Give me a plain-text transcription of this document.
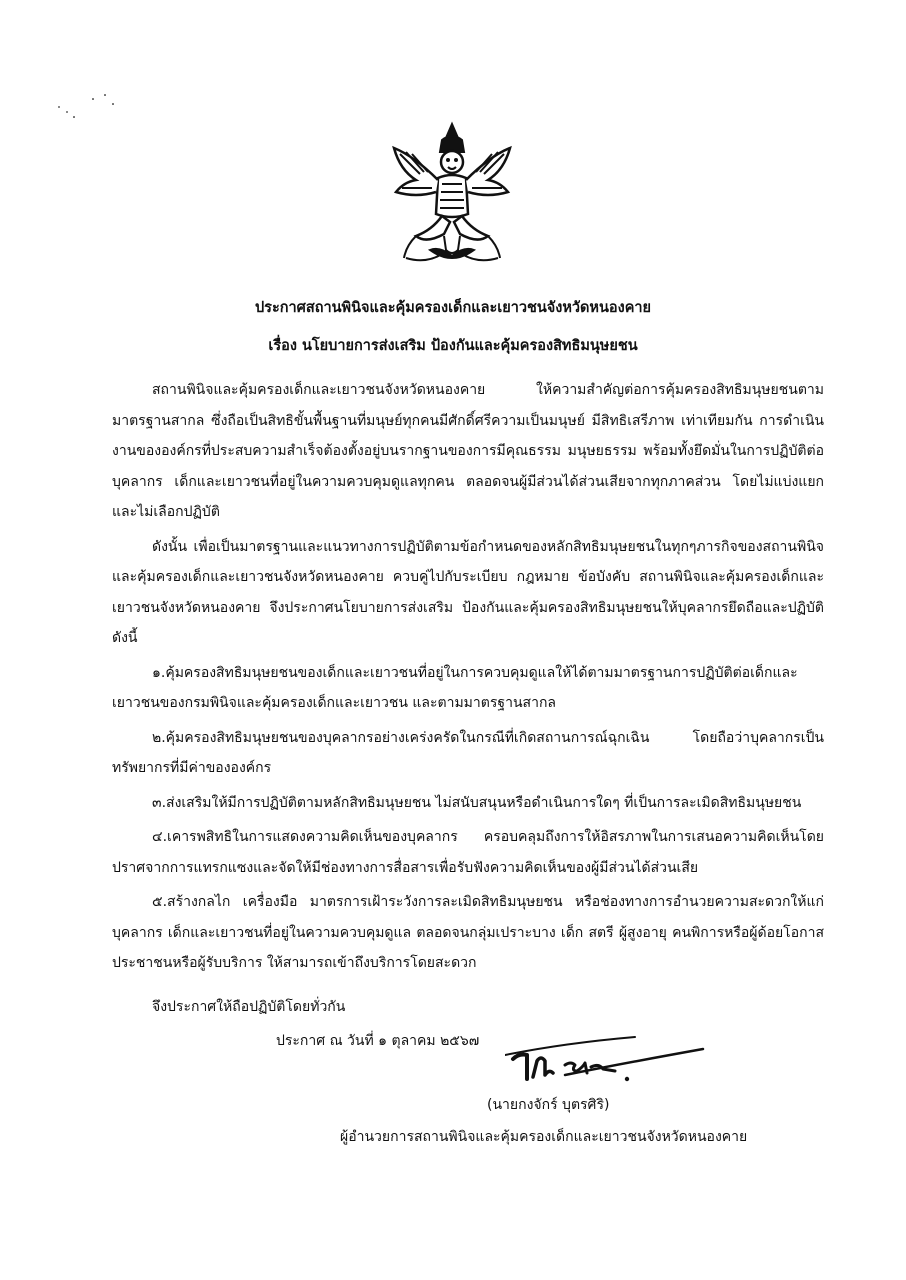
ประกาศสถานพินิจและคุ้มครองเด็กและเยาวชนจังหวัดหนองคาย
เรื่อง นโยบายการส่งเสริม ป้องกันและคุ้มครองสิทธิมนุษยชน

สถานพินิจและคุ้มครองเด็กและเยาวชนจังหวัดหนองคาย ให้ความสำคัญต่อการคุ้มครองสิทธิมนุษยชนตามมาตรฐานสากล ซึ่งถือเป็นสิทธิขั้นพื้นฐานที่มนุษย์ทุกคนมีศักดิ์ศรีความเป็นมนุษย์ มีสิทธิเสรีภาพ เท่าเทียมกัน การดำเนินงานขององค์กรที่ประสบความสำเร็จต้องตั้งอยู่บนรากฐานของการมีคุณธรรม มนุษยธรรม พร้อมทั้งยึดมั่นในการปฏิบัติต่อบุคลากร เด็กและเยาวชนที่อยู่ในความควบคุมดูแลทุกคน ตลอดจนผู้มีส่วนได้ส่วนเสียจากทุกภาคส่วน โดยไม่แบ่งแยกและไม่เลือกปฏิบัติ

ดังนั้น เพื่อเป็นมาตรฐานและแนวทางการปฏิบัติตามข้อกำหนดของหลักสิทธิมนุษยชนในทุกๆภารกิจของสถานพินิจและคุ้มครองเด็กและเยาวชนจังหวัดหนองคาย ควบคู่ไปกับระเบียบ กฎหมาย ข้อบังคับ สถานพินิจและคุ้มครองเด็กและเยาวชนจังหวัดหนองคาย จึงประกาศนโยบายการส่งเสริม ป้องกันและคุ้มครองสิทธิมนุษยชนให้บุคลากรยึดถือและปฏิบัติ ดังนี้

๑.คุ้มครองสิทธิมนุษยชนของเด็กและเยาวชนที่อยู่ในการควบคุมดูแลให้ได้ตามมาตรฐานการปฏิบัติต่อเด็กและเยาวชนของกรมพินิจและคุ้มครองเด็กและเยาวชน และตามมาตรฐานสากล

๒.คุ้มครองสิทธิมนุษยชนของบุคลากรอย่างเคร่งครัดในกรณีที่เกิดสถานการณ์ฉุกเฉิน โดยถือว่าบุคลากรเป็นทรัพยากรที่มีค่าขององค์กร

๓.ส่งเสริมให้มีการปฏิบัติตามหลักสิทธิมนุษยชน ไม่สนับสนุนหรือดำเนินการใดๆ ที่เป็นการละเมิดสิทธิมนุษยชน

๔.เคารพสิทธิในการแสดงความคิดเห็นของบุคลากร ครอบคลุมถึงการให้อิสรภาพในการเสนอความคิดเห็นโดยปราศจากการแทรกแซงและจัดให้มีช่องทางการสื่อสารเพื่อรับฟังความคิดเห็นของผู้มีส่วนได้ส่วนเสีย

๕.สร้างกลไก เครื่องมือ มาตรการเฝ้าระวังการละเมิดสิทธิมนุษยชน หรือช่องทางการอำนวยความสะดวกให้แก่บุคลากร เด็กและเยาวชนที่อยู่ในความควบคุมดูแล ตลอดจนกลุ่มเปราะบาง เด็ก สตรี ผู้สูงอายุ คนพิการหรือผู้ด้อยโอกาส ประชาชนหรือผู้รับบริการ ให้สามารถเข้าถึงบริการโดยสะดวก

จึงประกาศให้ถือปฏิบัติโดยทั่วกัน
ประกาศ ณ วันที่ ๑ ตุลาคม ๒๕๖๗
(นายกงจักร์ บุตรศิริ)
ผู้อำนวยการสถานพินิจและคุ้มครองเด็กและเยาวชนจังหวัดหนองคาย
